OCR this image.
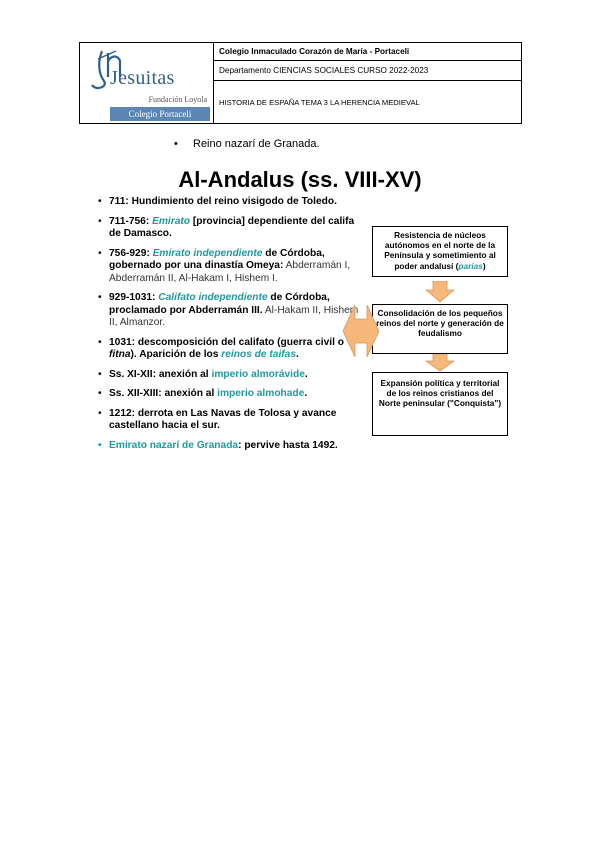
Jesuitas
Fundación Loyola
Colegio Portaceli
Colegio Inmaculado Corazón de María - Portaceli
Departamento CIENCIAS SOCIALES CURSO 2022-2023
HISTORIA DE ESPAÑA TEMA 3 LA HERENCIA MEDIEVAL
• Reino nazarí de Granada.
Al-Andalus (ss. VIII-XV)
• 711: Hundimiento del reino visigodo de Toledo.
• 711-756: Emirato [provincia] dependiente del califa de Damasco.
• 756-929: Emirato independiente de Córdoba, gobernado por una dinastía Omeya: Abderramán I, Abderramán II, Al-Hakam I, Hishem I.
• 929-1031: Califato independiente de Córdoba, proclamado por Abderramán III. Al-Hakam II, Hishem II, Almanzor.
• 1031: descomposición del califato (guerra civil o fitna). Aparición de los reinos de taifas.
• Ss. XI-XII: anexión al imperio almorávide.
• Ss. XII-XIII: anexión al imperio almohade.
• 1212: derrota en Las Navas de Tolosa y avance castellano hacia el sur.
• Emirato nazarí de Granada: pervive hasta 1492.
Resistencia de núcleos autónomos en el norte de la Península y sometimiento al poder andalusí (parias)
Consolidación de los pequeños reinos del norte y generación de feudalismo
Expansión política y territorial de los reinos cristianos del Norte peninsular ("Conquista")
